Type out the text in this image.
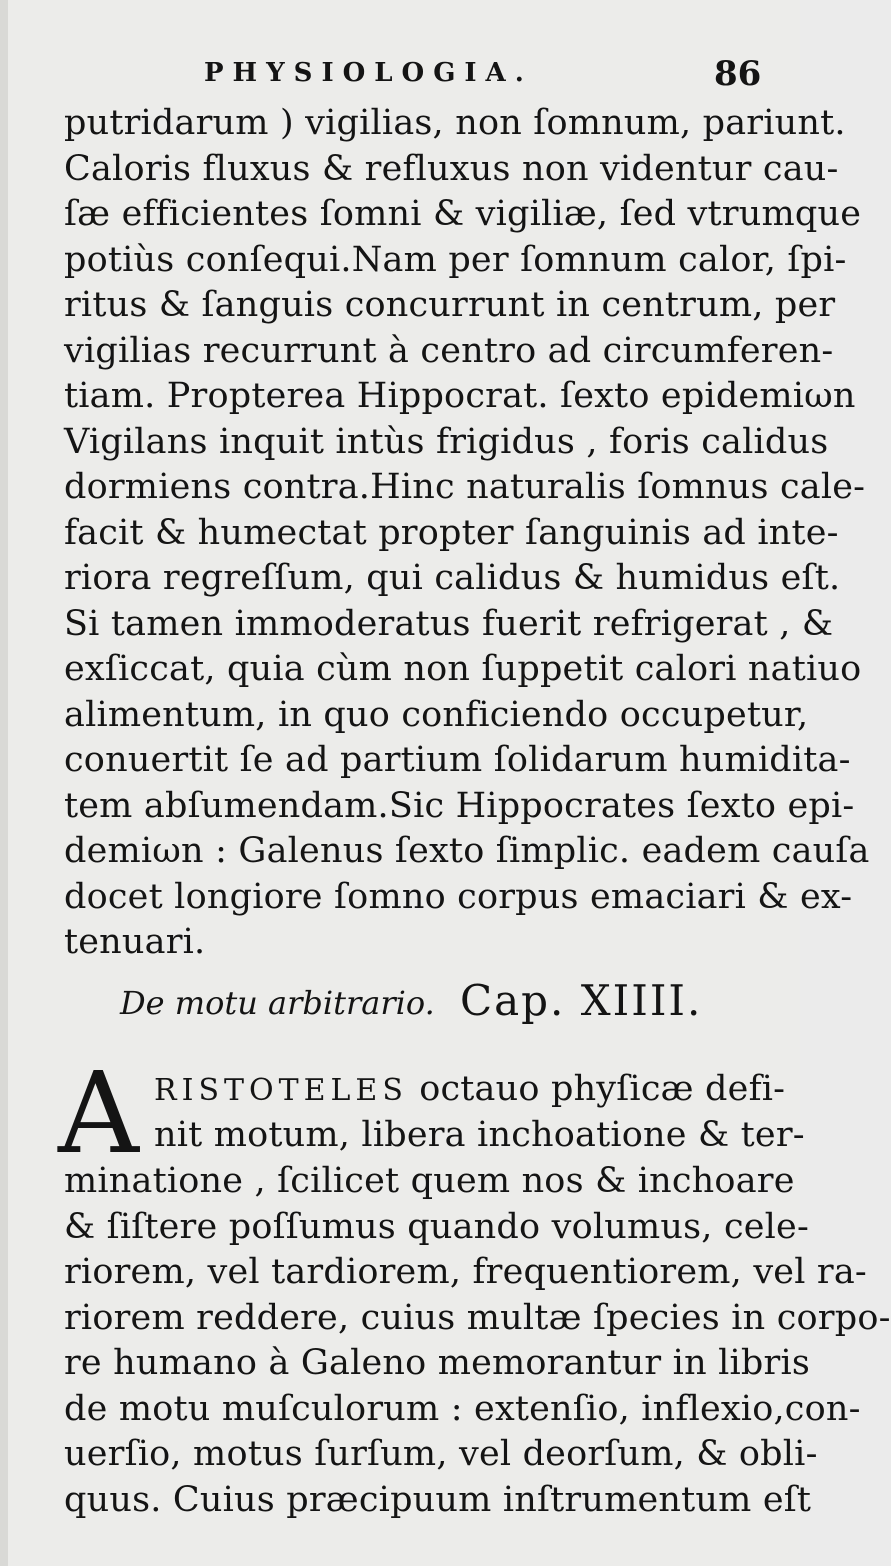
PHYSIOLOGIA.	86
putridarum ) vigilias, non ſomnum, pariunt.
Caloris fluxus & refluxus non videntur cau-
ſæ efficientes ſomni & vigiliæ, ſed vtrumque
potiùs conſequi.Nam per ſomnum calor, ſpi-
ritus & ſanguis concurrunt in centrum, per
vigilias recurrunt à centro ad circumferen-
tiam. Propterea Hippocrat. ſexto epidemiωn
Vigilans inquit intùs frigidus , foris calidus
dormiens contra.Hinc naturalis ſomnus cale-
facit & humectat propter ſanguinis ad inte-
riora regreſſum, qui calidus & humidus eſt.
Si tamen immoderatus fuerit refrigerat , &
exſiccat, quia cùm non ſuppetit calori natiuo
alimentum, in quo conficiendo occupetur,
conuertit ſe ad partium ſolidarum humidita-
tem abſumendam.Sic Hippocrates ſexto epi-
demiωn : Galenus ſexto ſimplic. eadem cauſa
docet longiore ſomno corpus emaciari & ex-
tenuari.
De motu arbitrario. Cap. XIIII.
A RISTOTELES octauo phyſicæ defi-
nit motum, libera inchoatione & ter-
minatione , ſcilicet quem nos & inchoare
& ſiſtere poſſumus quando volumus, cele-
riorem, vel tardiorem, frequentiorem, vel ra-
riorem reddere, cuius multæ ſpecies in corpo-
re humano à Galeno memorantur in libris
de motu muſculorum : extenſio, inflexio,con-
uerſio, motus ſurſum, vel deorſum, & obli-
quus. Cuius præcipuum inſtrumentum eſt
